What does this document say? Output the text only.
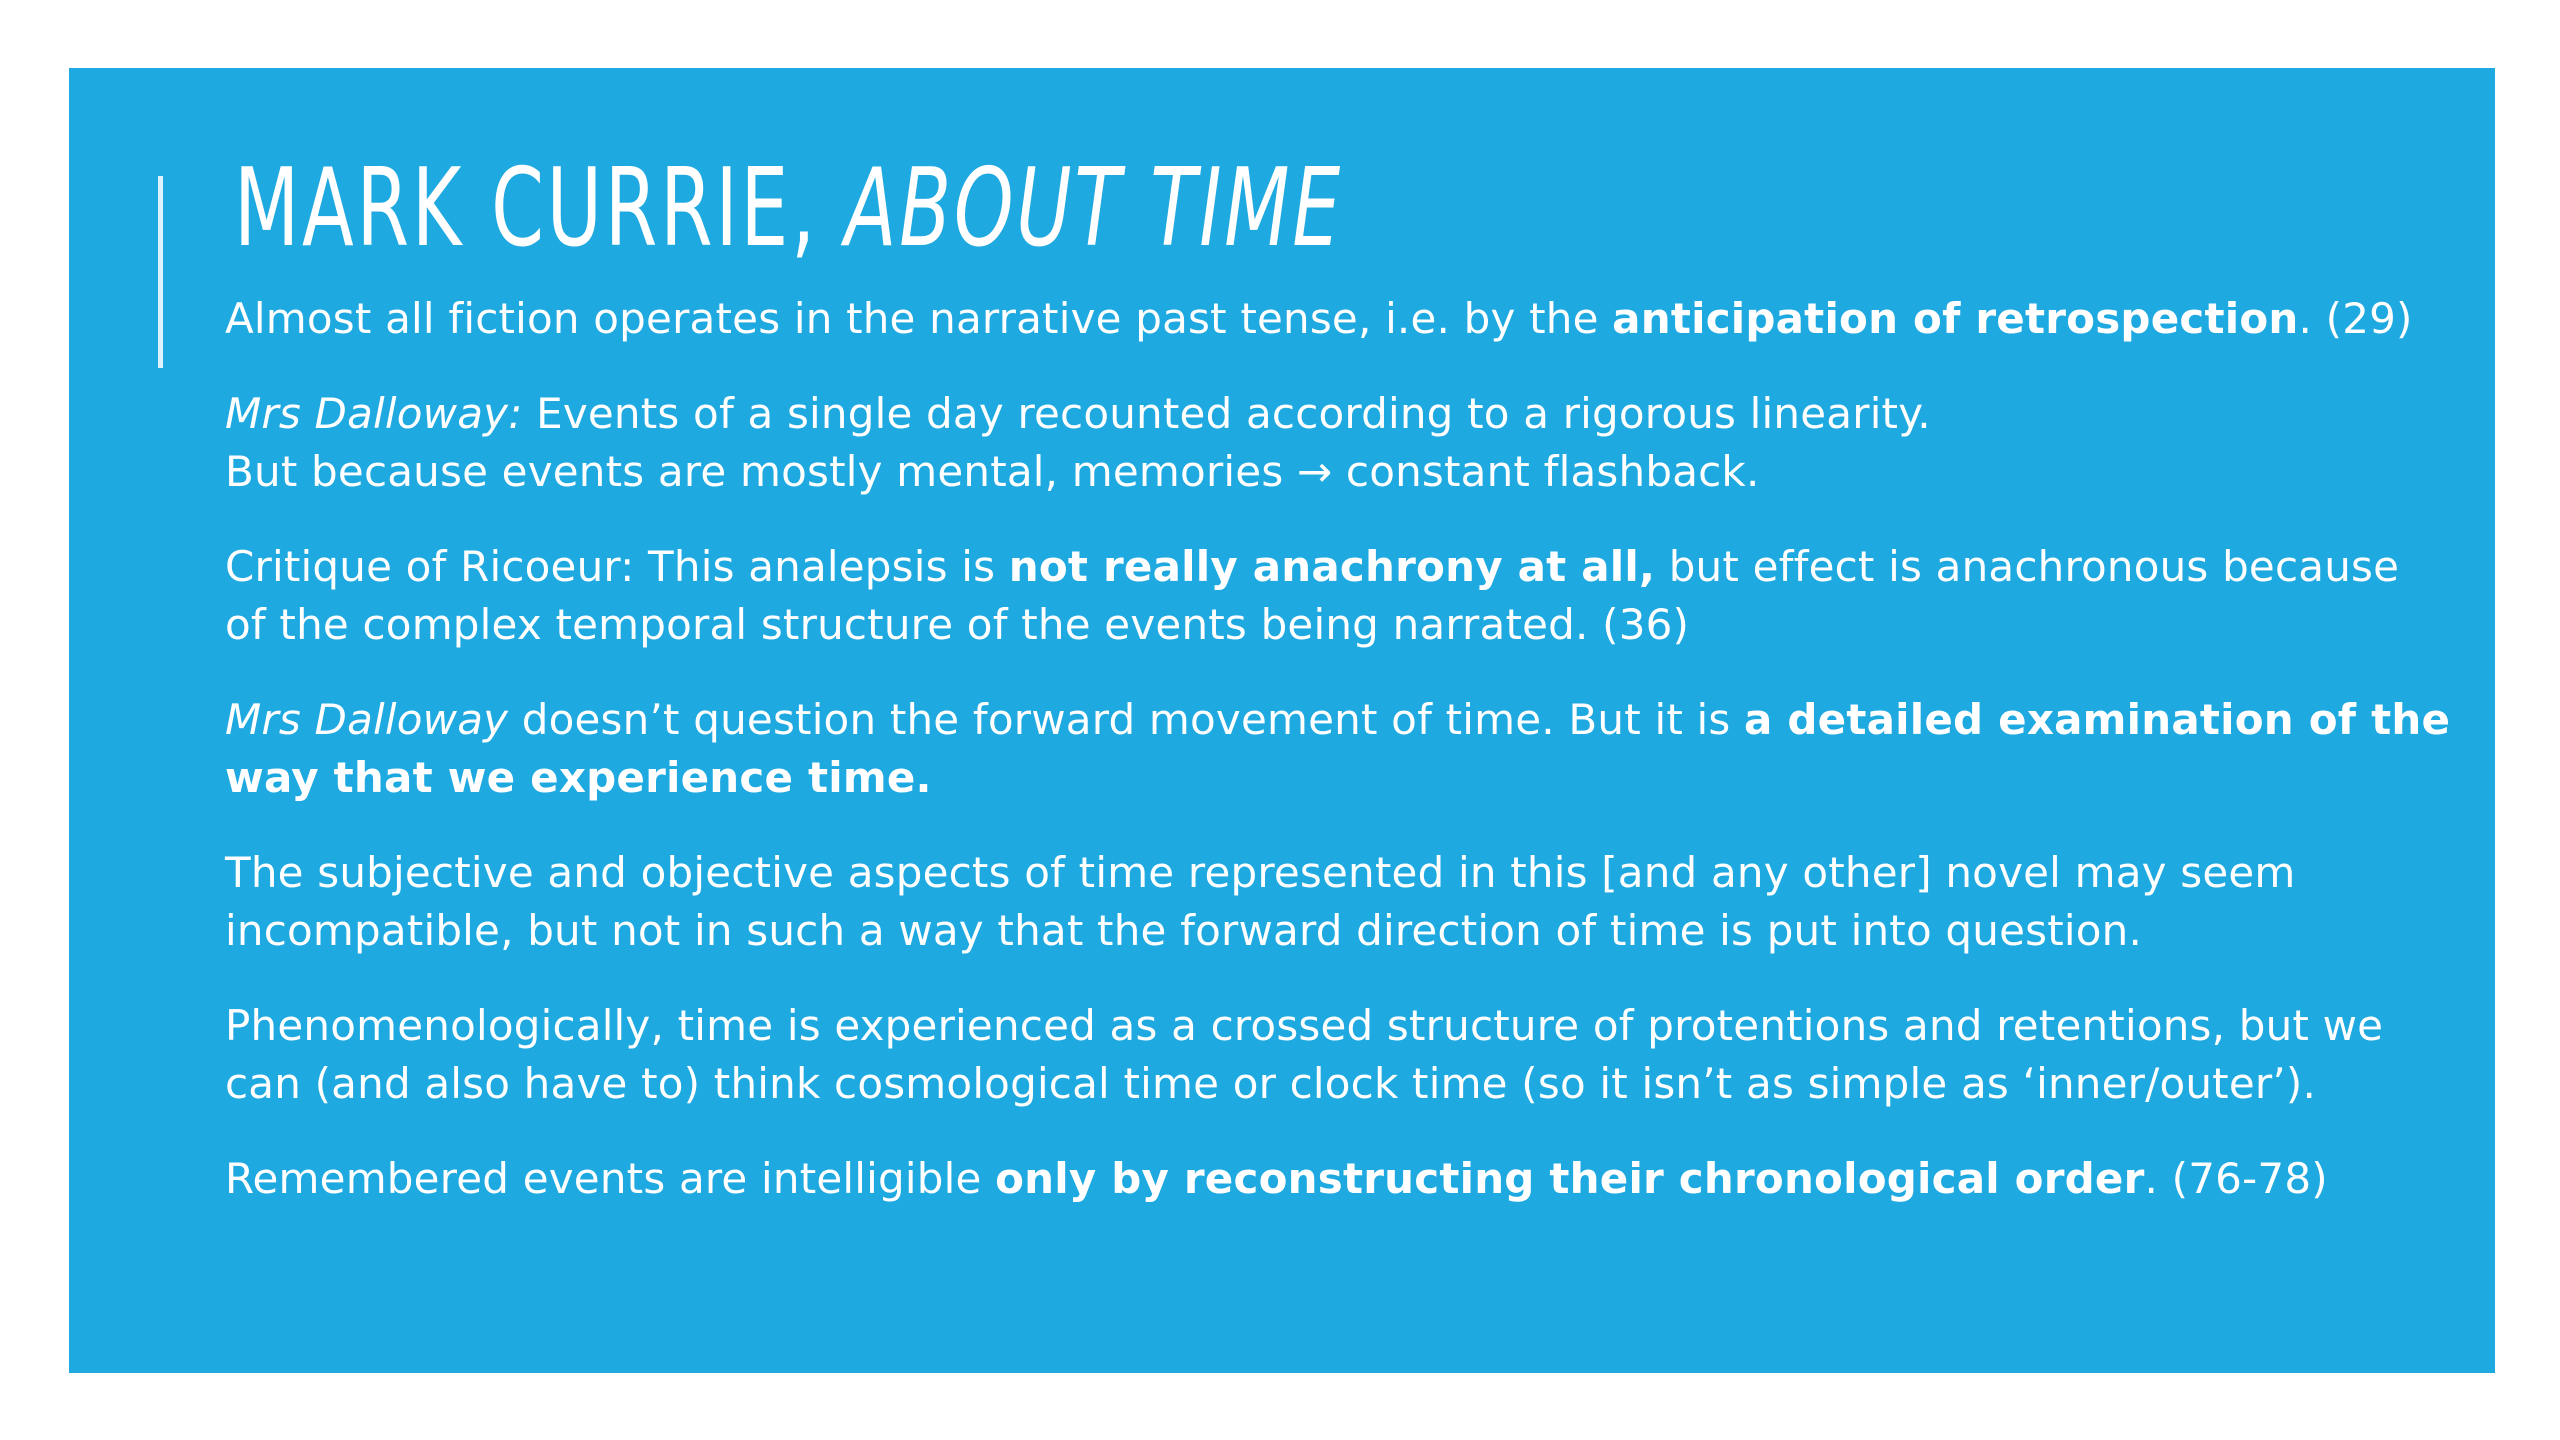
MARK CURRIE, ABOUT TIME

Almost all fiction operates in the narrative past tense, i.e. by the anticipation of retrospection. (29)

Mrs Dalloway: Events of a single day recounted according to a rigorous linearity.
But because events are mostly mental, memories → constant flashback.

Critique of Ricoeur: This analepsis is not really anachrony at all, but effect is anachronous because
of the complex temporal structure of the events being narrated. (36)

Mrs Dalloway doesn’t question the forward movement of time. But it is a detailed examination of the
way that we experience time.

The subjective and objective aspects of time represented in this [and any other] novel may seem
incompatible, but not in such a way that the forward direction of time is put into question.

Phenomenologically, time is experienced as a crossed structure of protentions and retentions, but we
can (and also have to) think cosmological time or clock time (so it isn’t as simple as ‘inner/outer’).

Remembered events are intelligible only by reconstructing their chronological order. (76-78)
